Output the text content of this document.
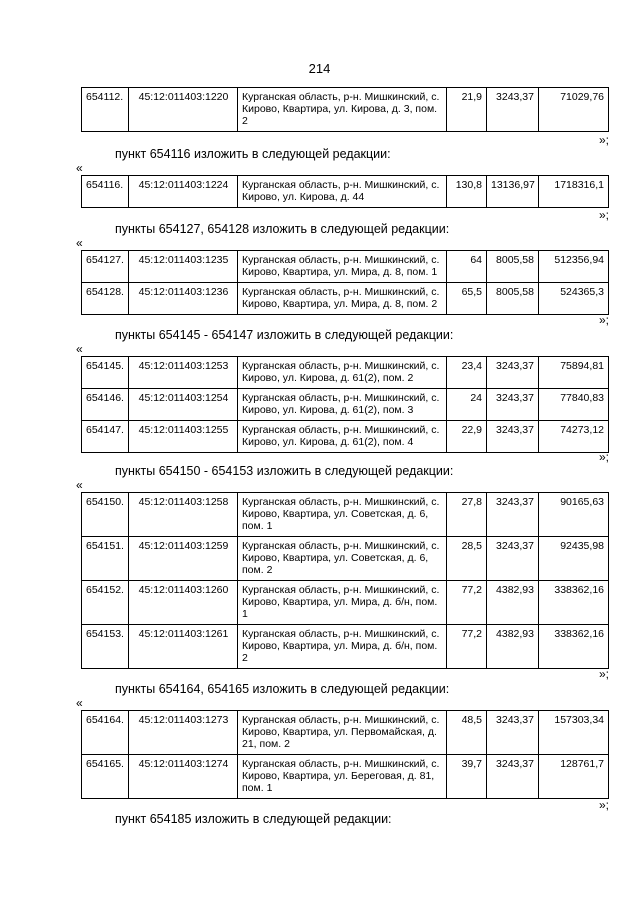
214
654112.	45:12:011403:1220	Курганская область, р-н. Мишкинский, с. Кирово, Квартира, ул. Кирова, д. 3, пом. 2	21,9	3243,37	71029,76
»;
пункт 654116 изложить в следующей редакции:
«
654116.	45:12:011403:1224	Курганская область, р-н. Мишкинский, с. Кирово, ул. Кирова, д. 44	130,8	13136,97	1718316,1
»;
пункты 654127, 654128 изложить в следующей редакции:
«
654127.	45:12:011403:1235	Курганская область, р-н. Мишкинский, с. Кирово, Квартира, ул. Мира, д. 8, пом. 1	64	8005,58	512356,94
654128.	45:12:011403:1236	Курганская область, р-н. Мишкинский, с. Кирово, Квартира, ул. Мира, д. 8, пом. 2	65,5	8005,58	524365,3
»;
пункты 654145 - 654147 изложить в следующей редакции:
«
654145.	45:12:011403:1253	Курганская область, р-н. Мишкинский, с. Кирово, ул. Кирова, д. 61(2), пом. 2	23,4	3243,37	75894,81
654146.	45:12:011403:1254	Курганская область, р-н. Мишкинский, с. Кирово, ул. Кирова, д. 61(2), пом. 3	24	3243,37	77840,83
654147.	45:12:011403:1255	Курганская область, р-н. Мишкинский, с. Кирово, ул. Кирова, д. 61(2), пом. 4	22,9	3243,37	74273,12
»;
пункты 654150 - 654153 изложить в следующей редакции:
«
654150.	45:12:011403:1258	Курганская область, р-н. Мишкинский, с. Кирово, Квартира, ул. Советская, д. 6, пом. 1	27,8	3243,37	90165,63
654151.	45:12:011403:1259	Курганская область, р-н. Мишкинский, с. Кирово, Квартира, ул. Советская, д. 6, пом. 2	28,5	3243,37	92435,98
654152.	45:12:011403:1260	Курганская область, р-н. Мишкинский, с. Кирово, Квартира, ул. Мира, д. б/н, пом. 1	77,2	4382,93	338362,16
654153.	45:12:011403:1261	Курганская область, р-н. Мишкинский, с. Кирово, Квартира, ул. Мира, д. б/н, пом. 2	77,2	4382,93	338362,16
»;
пункты 654164, 654165 изложить в следующей редакции:
«
654164.	45:12:011403:1273	Курганская область, р-н. Мишкинский, с. Кирово, Квартира, ул. Первомайская, д. 21, пом. 2	48,5	3243,37	157303,34
654165.	45:12:011403:1274	Курганская область, р-н. Мишкинский, с. Кирово, Квартира, ул. Береговая, д. 81, пом. 1	39,7	3243,37	128761,7
»;
пункт 654185 изложить в следующей редакции:
